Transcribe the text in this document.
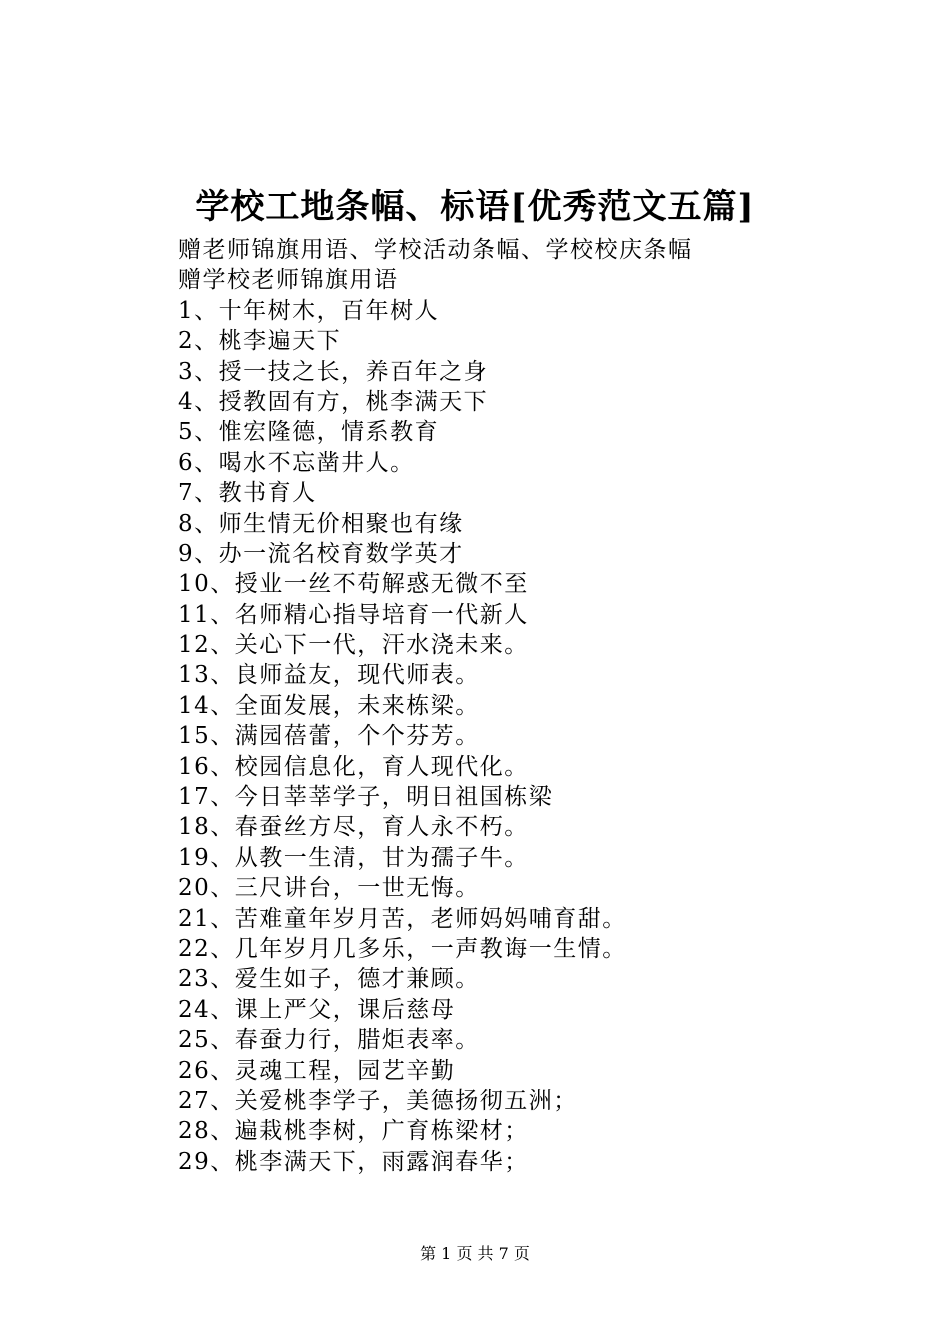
学校工地条幅、标语[优秀范文五篇]
赠老师锦旗用语、学校活动条幅、学校校庆条幅
赠学校老师锦旗用语
1、十年树木，百年树人
2、桃李遍天下
3、授一技之长，养百年之身
4、授教固有方，桃李满天下
5、惟宏隆德，情系教育
6、喝水不忘凿井人。
7、教书育人
8、师生情无价相聚也有缘
9、办一流名校育数学英才
10、授业一丝不苟解惑无微不至
11、名师精心指导培育一代新人
12、关心下一代，汗水浇未来。
13、良师益友，现代师表。
14、全面发展，未来栋梁。
15、满园蓓蕾，个个芬芳。
16、校园信息化，育人现代化。
17、今日莘莘学子，明日祖国栋梁
18、春蚕丝方尽，育人永不朽。
19、从教一生清，甘为孺子牛。
20、三尺讲台，一世无悔。
21、苦难童年岁月苦，老师妈妈哺育甜。
22、几年岁月几多乐，一声教诲一生情。
23、爱生如子，德才兼顾。
24、课上严父，课后慈母
25、春蚕力行，腊炬表率。
26、灵魂工程，园艺辛勤
27、关爱桃李学子，美德扬彻五洲；
28、遍栽桃李树，广育栋梁材；
29、桃李满天下，雨露润春华；
第 1 页 共 7 页
